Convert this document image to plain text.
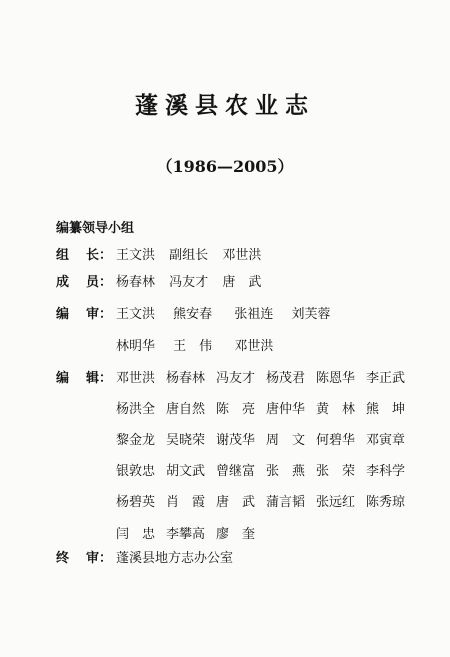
蓬溪县农业志
（1986—2005）
编纂领导小组
组 长： 王文洪 副组长 邓世洪
成 员： 杨春林 冯友才 唐　武
编 审： 王文洪 熊安春 张祖连 刘芙蓉
林明华 王　伟 邓世洪
编 辑： 邓世洪 杨春林 冯友才 杨茂君 陈恩华 李正武
杨洪全 唐自然 陈　亮 唐仲华 黄　林 熊　坤
黎金龙 吴晓荣 谢茂华 周　文 何碧华 邓寅章
银敦忠 胡文武 曾继富 张　燕 张　荣 李科学
杨碧英 肖　霞 唐　武 蒲言韬 张远红 陈秀琼
闫　忠 李攀高 廖　奎
终 审： 蓬溪县地方志办公室
